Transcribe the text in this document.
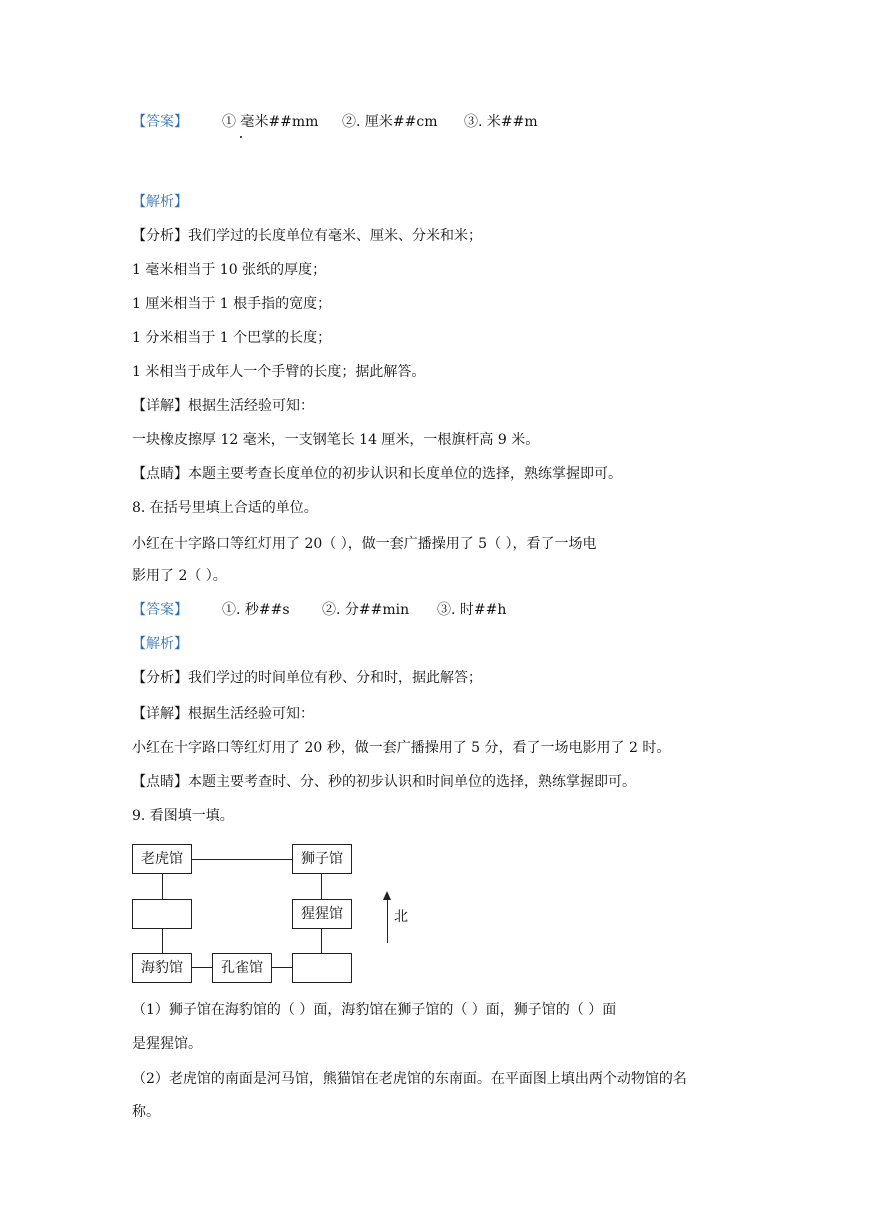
【答案】 ① 毫米##mm ②. 厘米##cm ③. 米##m
【解析】
【分析】我们学过的长度单位有毫米、厘米、分米和米；
1 毫米相当于 10 张纸的厚度；
1 厘米相当于 1 根手指的宽度；
1 分米相当于 1 个巴掌的长度；
1 米相当于成年人一个手臂的长度；据此解答。
【详解】根据生活经验可知：
一块橡皮擦厚 12 毫米，一支钢笔长 14 厘米，一根旗杆高 9 米。
【点睛】本题主要考查长度单位的初步认识和长度单位的选择，熟练掌握即可。
8. 在括号里填上合适的单位。
小红在十字路口等红灯用了 20（ ），做一套广播操用了 5（ ），看了一场电
影用了 2（ ）。
【答案】 ①. 秒##s ②. 分##min ③. 时##h
【解析】
【分析】我们学过的时间单位有秒、分和时，据此解答；
【详解】根据生活经验可知：
小红在十字路口等红灯用了 20 秒，做一套广播操用了 5 分，看了一场电影用了 2 时。
【点睛】本题主要考查时、分、秒的初步认识和时间单位的选择，熟练掌握即可。
9. 看图填一填。
老虎馆	狮子馆
猩猩馆
海豹馆	孔雀馆
北
（1）狮子馆在海豹馆的（ ）面，海豹馆在狮子馆的（ ）面，狮子馆的（ ）面
是猩猩馆。
（2）老虎馆的南面是河马馆，熊猫馆在老虎馆的东南面。在平面图上填出两个动物馆的名
称。
